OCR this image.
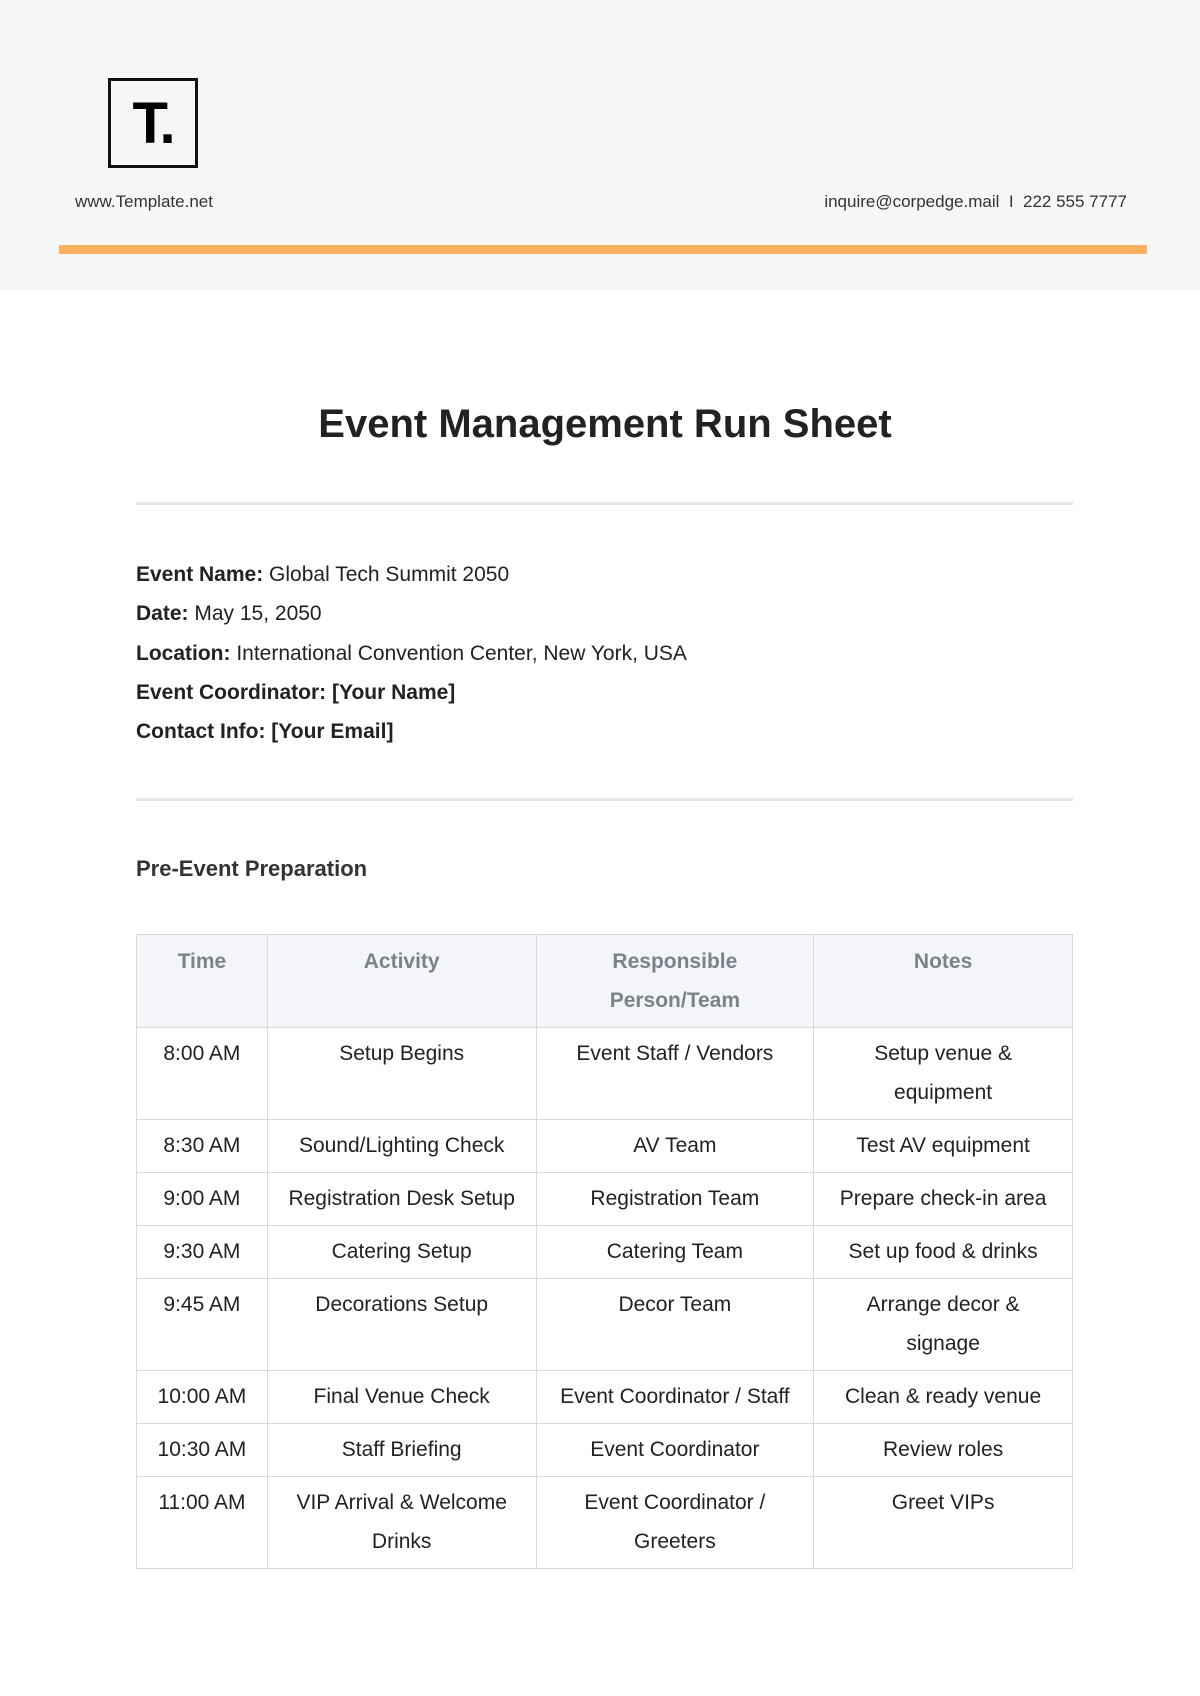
T.
www.Template.net	inquire@corpedge.mail  I  222 555 7777
Event Management Run Sheet
Event Name: Global Tech Summit 2050
Date: May 15, 2050
Location: International Convention Center, New York, USA
Event Coordinator: [Your Name]
Contact Info: [Your Email]
Pre-Event Preparation
Time	Activity	Responsible Person/Team	Notes
8:00 AM	Setup Begins	Event Staff / Vendors	Setup venue & equipment
8:30 AM	Sound/Lighting Check	AV Team	Test AV equipment
9:00 AM	Registration Desk Setup	Registration Team	Prepare check-in area
9:30 AM	Catering Setup	Catering Team	Set up food & drinks
9:45 AM	Decorations Setup	Decor Team	Arrange decor & signage
10:00 AM	Final Venue Check	Event Coordinator / Staff	Clean & ready venue
10:30 AM	Staff Briefing	Event Coordinator	Review roles
11:00 AM	VIP Arrival & Welcome Drinks	Event Coordinator / Greeters	Greet VIPs
